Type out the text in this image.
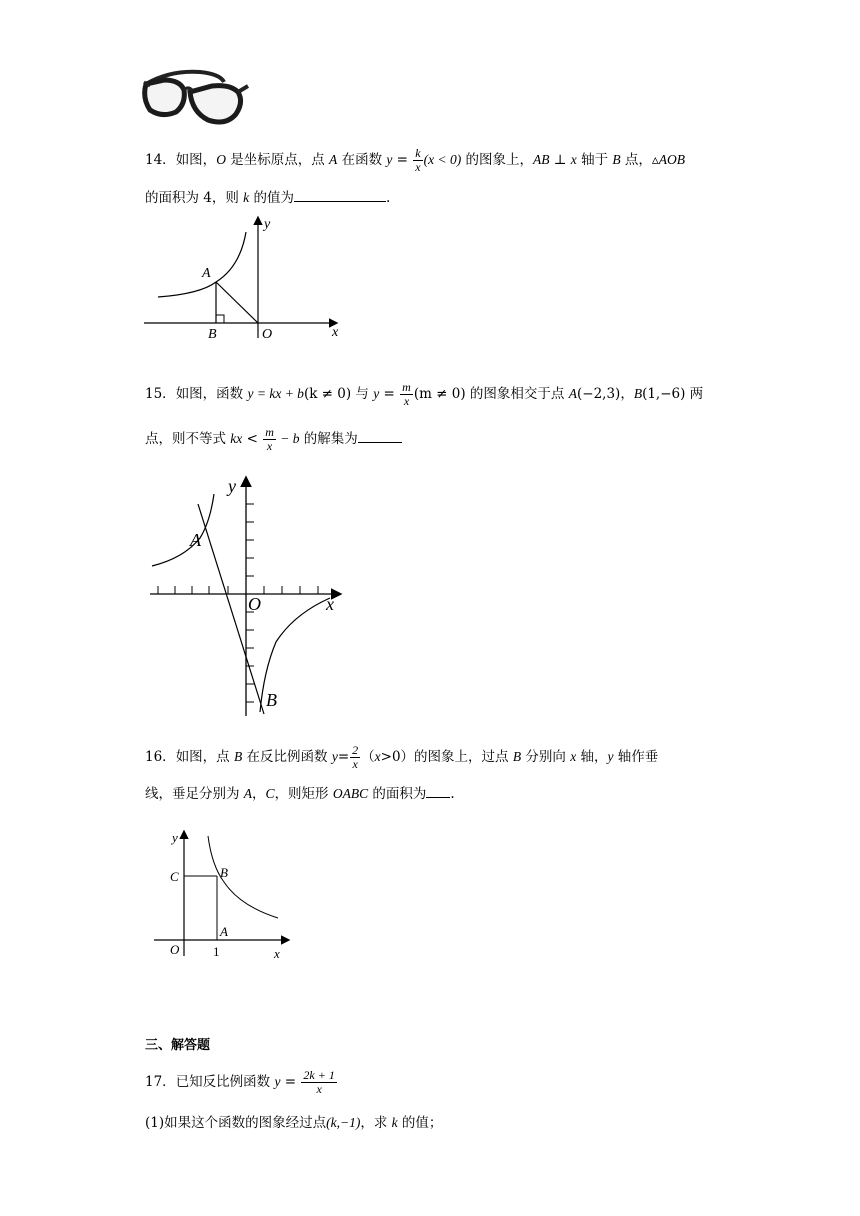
14．如图，O 是坐标原点，点 A 在函数 $y = \frac{k}{x} (x < 0)$ 的图象上，AB ⊥ x 轴于 B 点，▵AOB
的面积为 4，则 k 的值为	.
A
B	O	x
y
15．如图，函数 y = kx + b(k ≠ 0) 与 $y = \frac{m}{x} (m \ne 0)$ 的图象相交于点 A(−2,3)，B(1,−6) 两
点，则不等式 kx < $\frac{m}{x} - b$ 的解集为
A
B
O	x
y
16．如图，点 B 在反比例函数 $y= \frac{2}{x} (x>0)$的图象上，过点 B 分别向 x 轴，y 轴作垂
线，垂足分别为 A，C，则矩形 OABC 的面积为 .
y
C	B
A
O	1	x
三、解答题
17．已知反比例函数 $y = \frac{2k + 1}{x}$
(1)如果这个函数的图象经过点(k,−1)，求 k 的值；
